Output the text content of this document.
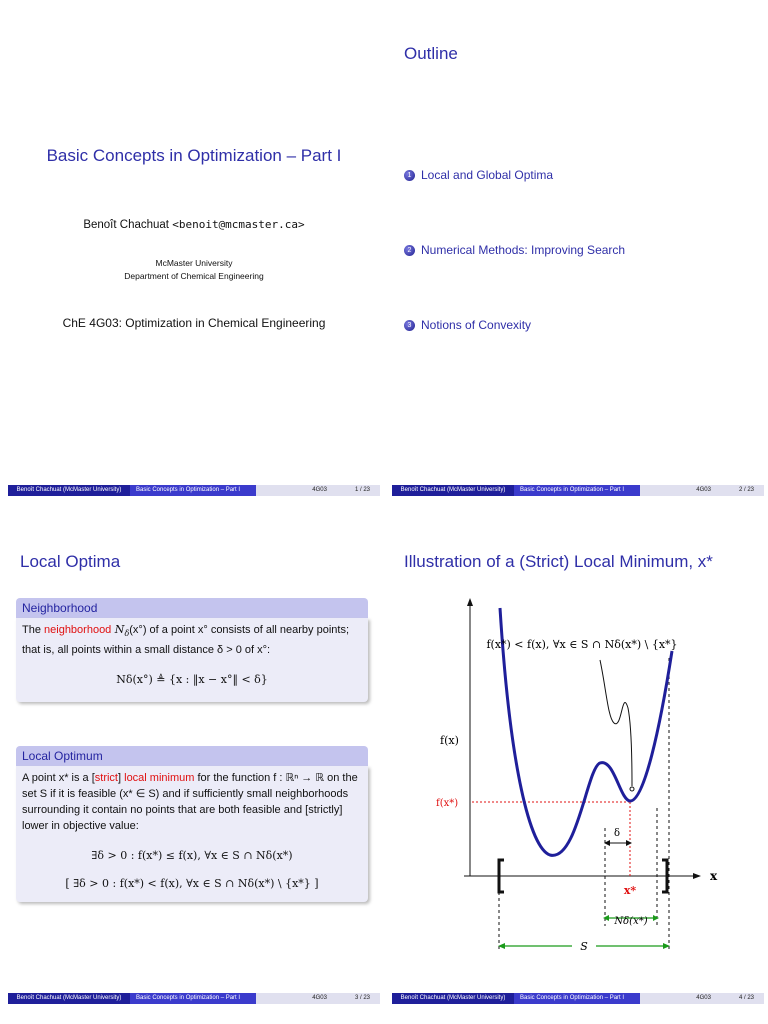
Basic Concepts in Optimization – Part I
Benoît Chachuat <benoit@mcmaster.ca>
McMaster University
Department of Chemical Engineering
ChE 4G03: Optimization in Chemical Engineering
Benoît Chachuat (McMaster University)	Basic Concepts in Optimization – Part I	4G03	1 / 23
Outline
1 Local and Global Optima
2 Numerical Methods: Improving Search
3 Notions of Convexity
Benoît Chachuat (McMaster University)	Basic Concepts in Optimization – Part I	4G03	2 / 23
Local Optima
Neighborhood
The neighborhood $N_\delta(x^\circ)$ of a point x° consists of all nearby points; that is, all points within a small distance δ > 0 of x°:
Nδ(x°) ≜ {x : ‖x − x°‖ < δ}
Local Optimum
A point x* is a [strict] local minimum for the function f : ℝⁿ → ℝ on the set S if it is feasible (x* ∈ S) and if sufficiently small neighborhoods surrounding it contain no points that are both feasible and [strictly] lower in objective value:
∃δ > 0 : f(x*) ≤ f(x), ∀x ∈ S ∩ Nδ(x*)
[ ∃δ > 0 : f(x*) < f(x), ∀x ∈ S ∩ Nδ(x*) \ {x*} ]
Benoît Chachuat (McMaster University)	Basic Concepts in Optimization – Part I	4G03	3 / 23
Illustration of a (Strict) Local Minimum, x*
f(x*) < f(x), ∀x ∈ S ∩ Nδ(x*) \ {x*}
f(x)
f(x*)
δ
x*
x
Nδ(x*)
S
Benoît Chachuat (McMaster University)	Basic Concepts in Optimization – Part I	4G03	4 / 23
